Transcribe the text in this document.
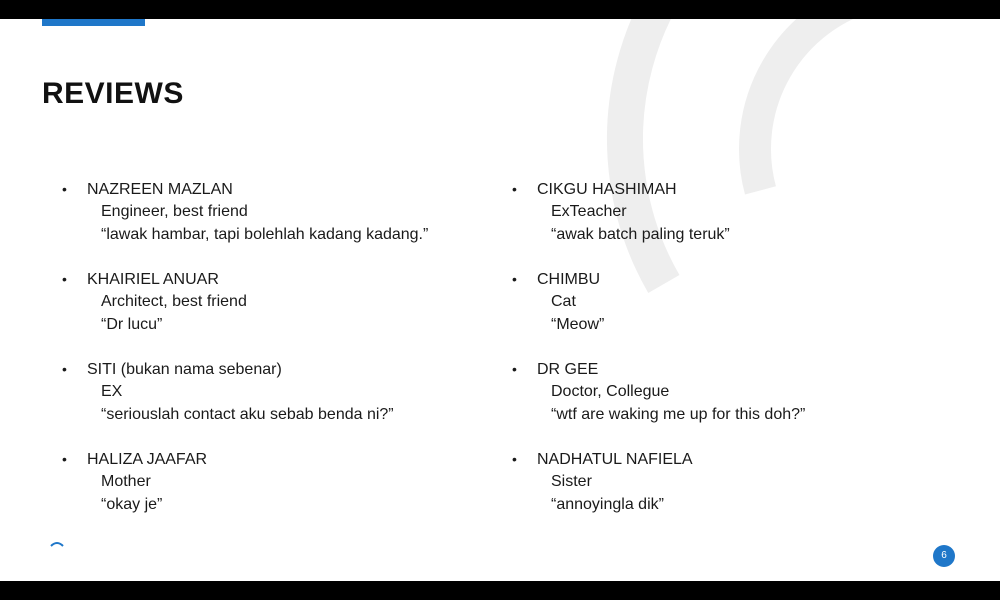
REVIEWS
• NAZREEN MAZLAN
Engineer, best friend
“lawak hambar, tapi bolehlah kadang kadang.”
• KHAIRIEL ANUAR
Architect, best friend
“Dr lucu”
• SITI (bukan nama sebenar)
EX
“seriouslah contact aku sebab benda ni?”
• HALIZA JAAFAR
Mother
“okay je”
• CIKGU HASHIMAH
ExTeacher
“awak batch paling teruk”
• CHIMBU
Cat
“Meow”
• DR GEE
Doctor, Collegue
“wtf are waking me up for this doh?”
• NADHATUL NAFIELA
Sister
“annoyingla dik”
6
